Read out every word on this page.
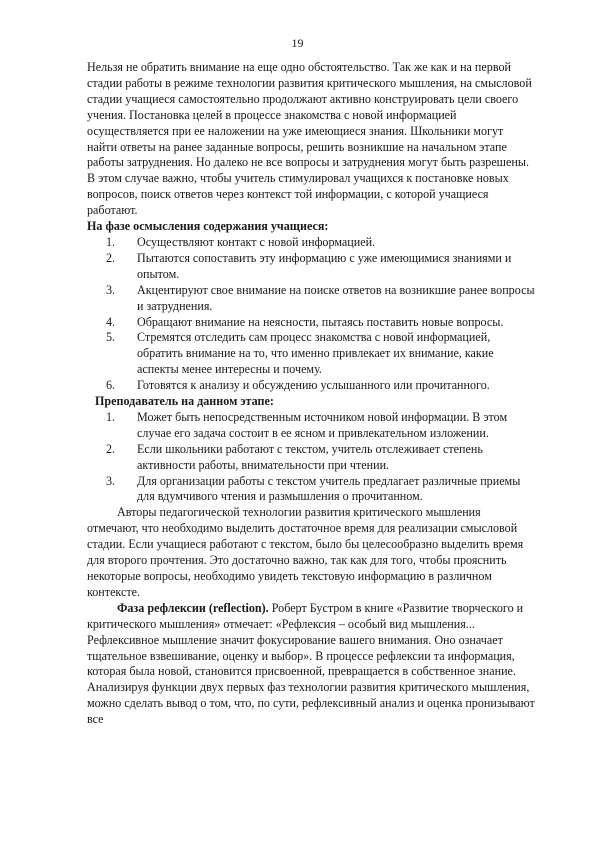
19

Нельзя не обратить внимание на еще одно обстоятельство. Так же как и на первой стадии работы в режиме технологии развития критического мышления, на смысловой стадии учащиеся самостоятельно продолжают активно конструировать цели своего учения. Постановка целей в процессе знакомства с новой информацией осуществляется при ее наложении на уже имеющиеся знания. Школьники могут найти ответы на ранее заданные вопросы, решить возникшие на начальном этапе работы затруднения. Но далеко не все вопросы и затруднения могут быть разрешены. В этом случае важно, чтобы учитель стимулировал учащихся к постановке новых вопросов, поиск ответов через контекст той информации, с которой учащиеся работают.

На фазе осмысления содержания учащиеся:

1. Осуществляют контакт с новой информацией.

2. Пытаются сопоставить эту информацию с уже имеющимися знаниями и опытом.

3. Акцентируют свое внимание на поиске ответов на возникшие ранее вопросы и затруднения.

4. Обращают внимание на неясности, пытаясь поставить новые вопросы.

5. Стремятся отследить сам процесс знакомства с новой информацией, обратить внимание на то, что именно привлекает их внимание, какие аспекты менее интересны и почему.

6. Готовятся к анализу и обсуждению услышанного или прочитанного.

Преподаватель на данном этапе:

1. Может быть непосредственным источником новой информации. В этом случае его задача состоит в ее ясном и привлекательном изложении.

2. Если школьники работают с текстом, учитель отслеживает степень активности работы, внимательности при чтении.

3. Для организации работы с текстом учитель предлагает различные приемы для вдумчивого чтения и размышления о прочитанном.

Авторы педагогической технологии развития критического мышления отмечают, что необходимо выделить достаточное время для реализации смысловой стадии. Если учащиеся работают с текстом, было бы целесообразно выделить время для второго прочтения. Это достаточно важно, так как для того, чтобы прояснить некоторые вопросы, необходимо увидеть текстовую информацию в различном контексте.

Фаза рефлексии (reflection). Роберт Бустром в книге «Развитие творческого и критического мышления» отмечает: «Рефлексия – особый вид мышления... Рефлексивное мышление значит фокусирование вашего внимания. Оно означает тщательное взвешивание, оценку и выбор». В процессе рефлексии та информация, которая была новой, становится присвоенной, превращается в собственное знание. Анализируя функции двух первых фаз технологии развития критического мышления, можно сделать вывод о том, что, по сути, рефлексивный анализ и оценка пронизывают все
